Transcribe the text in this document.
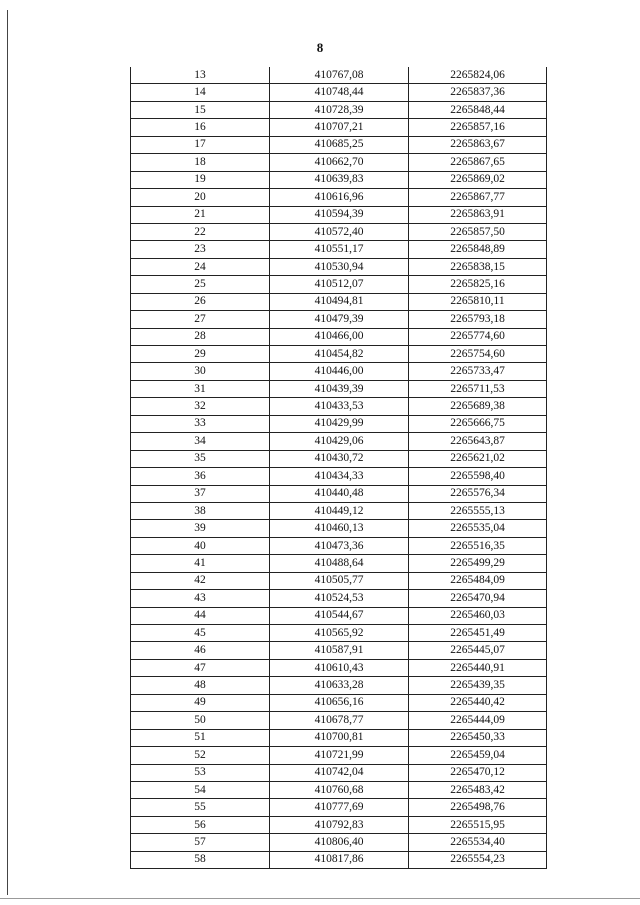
8
13	410767,08	2265824,06
14	410748,44	2265837,36
15	410728,39	2265848,44
16	410707,21	2265857,16
17	410685,25	2265863,67
18	410662,70	2265867,65
19	410639,83	2265869,02
20	410616,96	2265867,77
21	410594,39	2265863,91
22	410572,40	2265857,50
23	410551,17	2265848,89
24	410530,94	2265838,15
25	410512,07	2265825,16
26	410494,81	2265810,11
27	410479,39	2265793,18
28	410466,00	2265774,60
29	410454,82	2265754,60
30	410446,00	2265733,47
31	410439,39	2265711,53
32	410433,53	2265689,38
33	410429,99	2265666,75
34	410429,06	2265643,87
35	410430,72	2265621,02
36	410434,33	2265598,40
37	410440,48	2265576,34
38	410449,12	2265555,13
39	410460,13	2265535,04
40	410473,36	2265516,35
41	410488,64	2265499,29
42	410505,77	2265484,09
43	410524,53	2265470,94
44	410544,67	2265460,03
45	410565,92	2265451,49
46	410587,91	2265445,07
47	410610,43	2265440,91
48	410633,28	2265439,35
49	410656,16	2265440,42
50	410678,77	2265444,09
51	410700,81	2265450,33
52	410721,99	2265459,04
53	410742,04	2265470,12
54	410760,68	2265483,42
55	410777,69	2265498,76
56	410792,83	2265515,95
57	410806,40	2265534,40
58	410817,86	2265554,23
